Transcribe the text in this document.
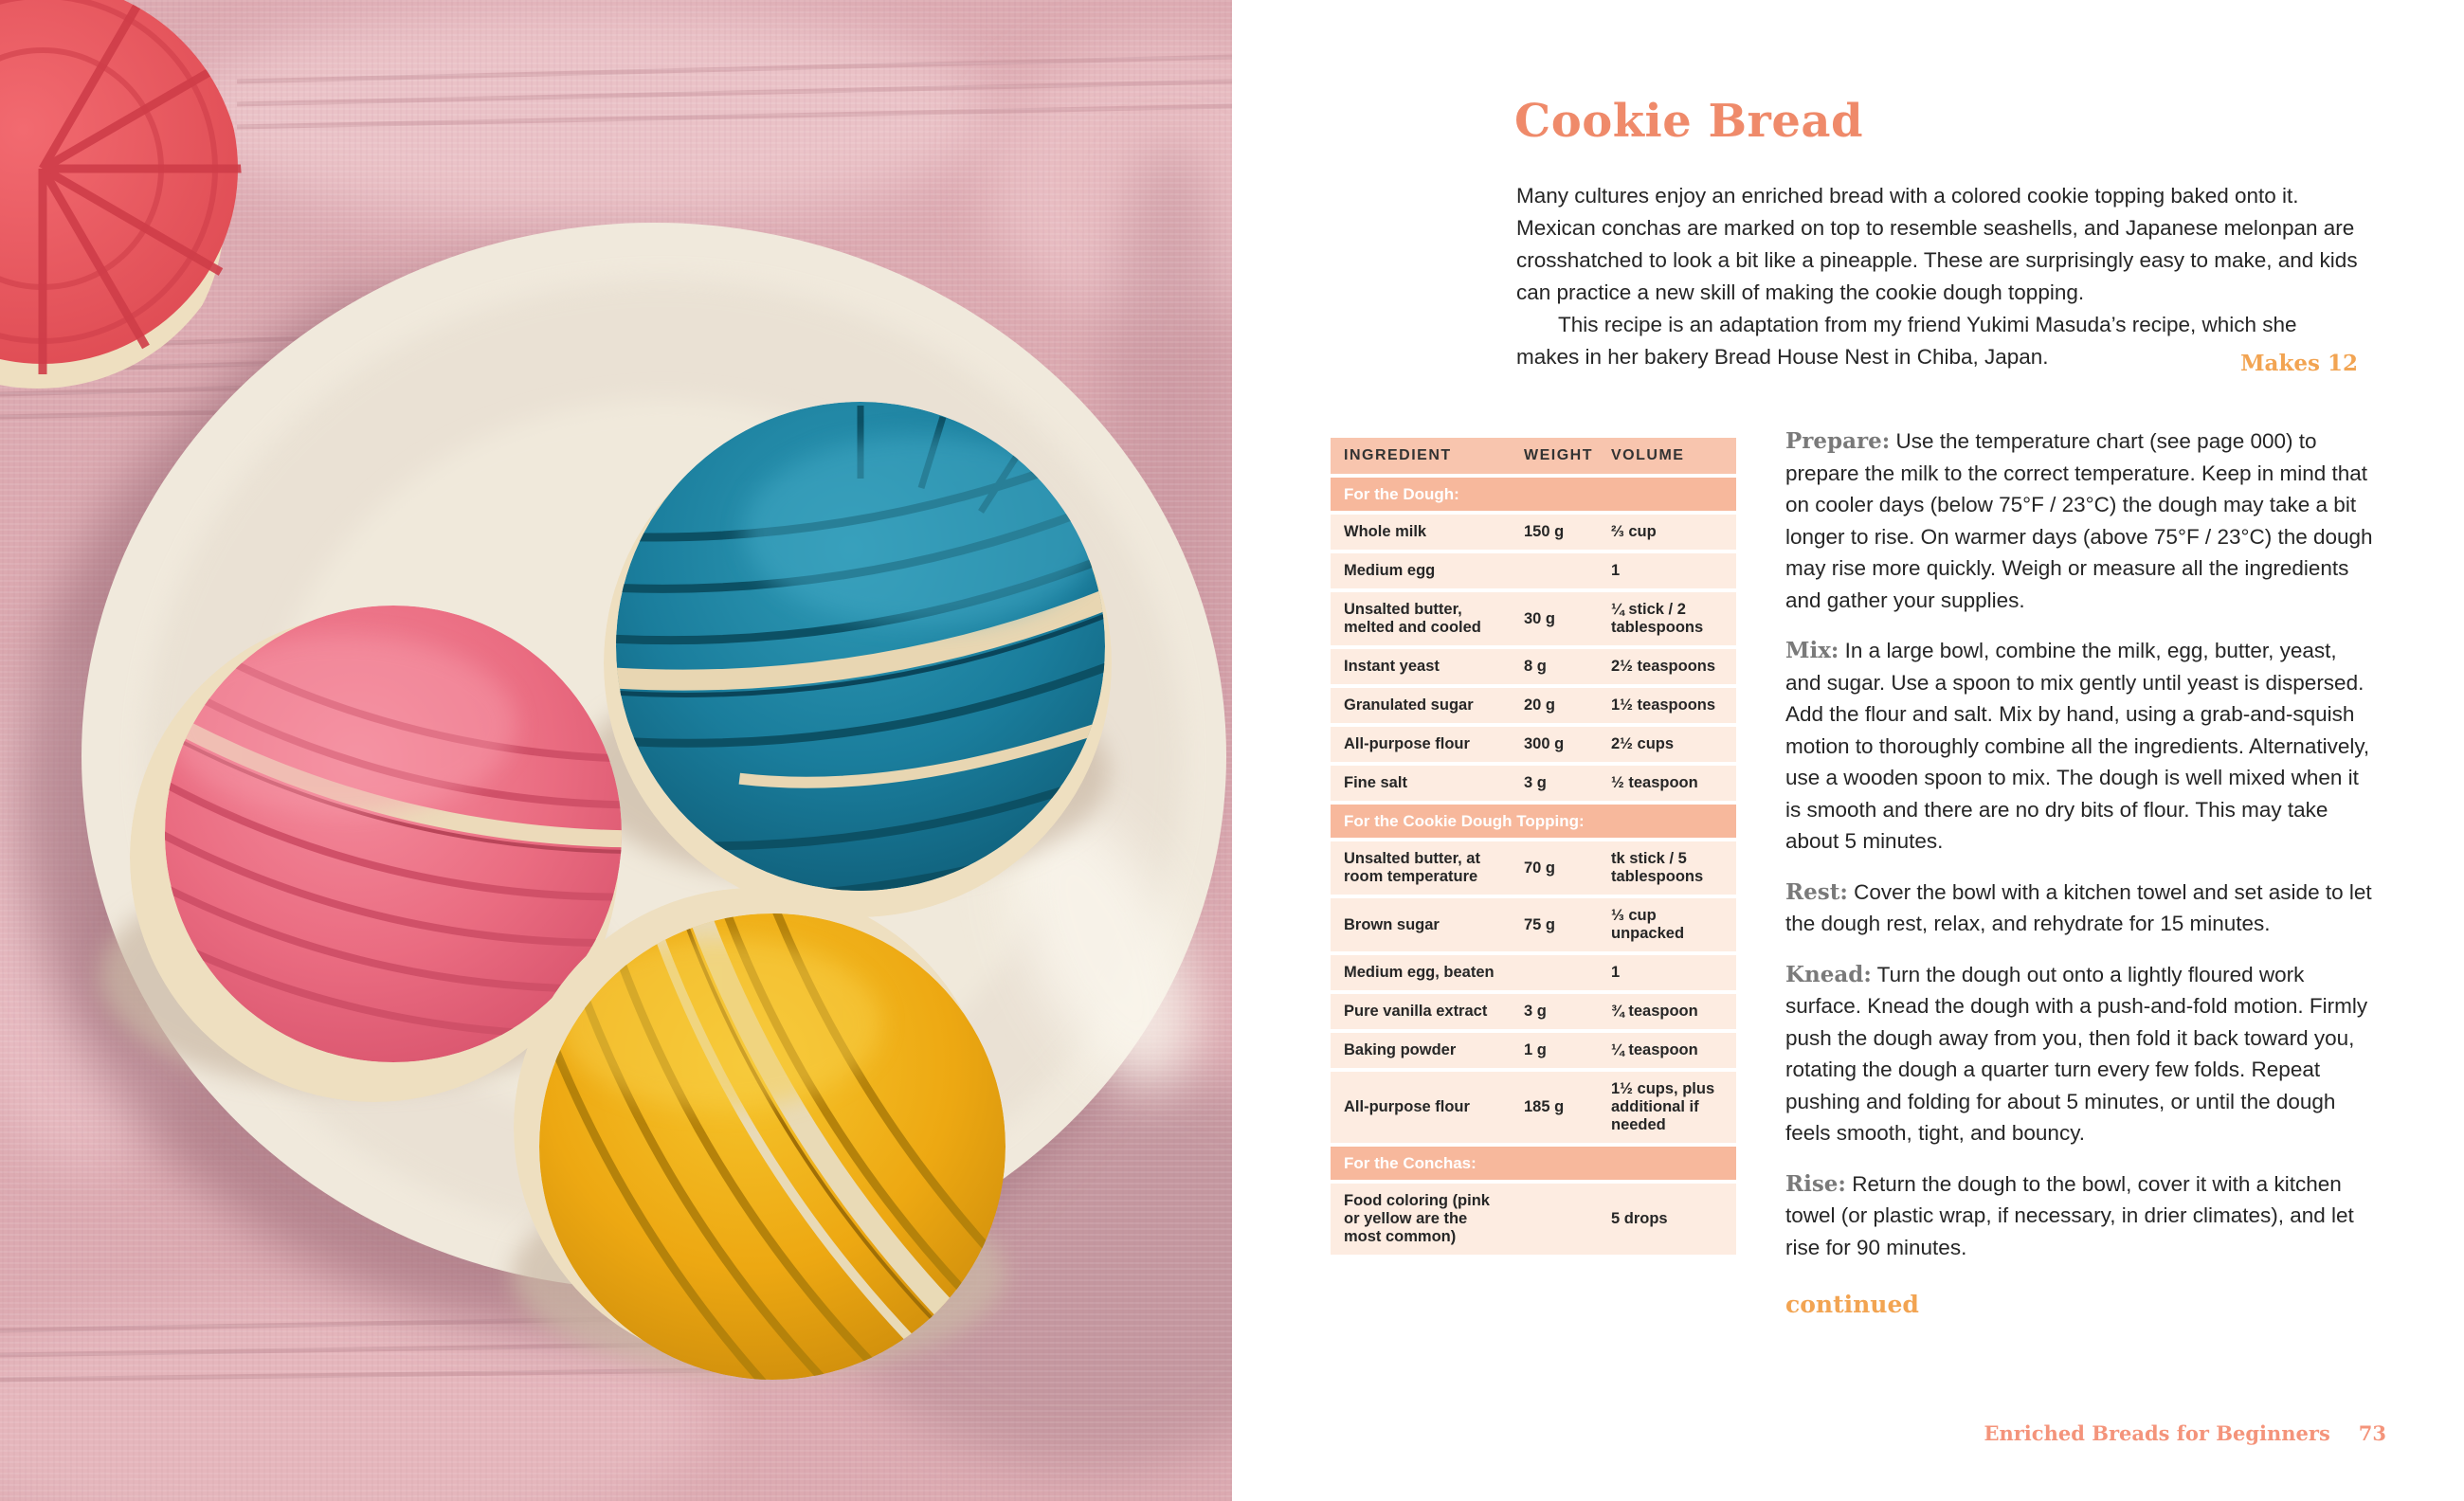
Cookie Bread

Many cultures enjoy an enriched bread with a colored cookie topping baked onto it. Mexican conchas are marked on top to resemble seashells, and Japanese melonpan are crosshatched to look a bit like a pineapple. These are surprisingly easy to make, and kids can practice a new skill of making the cookie dough topping.

This recipe is an adaptation from my friend Yukimi Masuda’s recipe, which she makes in her bakery Bread House Nest in Chiba, Japan.	Makes 12
INGREDIENT	WEIGHT	VOLUME
For the Dough:		
Whole milk	150 g	⅔ cup
Medium egg		1
Unsalted butter, melted and cooled	30 g	¼ stick / 2 tablespoons
Instant yeast	8 g	2½ teaspoons
Granulated sugar	20 g	1½ teaspoons
All-purpose flour	300 g	2½ cups
Fine salt	3 g	½ teaspoon
For the Cookie Dough Topping:		
Unsalted butter, at room temperature	70 g	tk stick / 5 tablespoons
Brown sugar	75 g	⅓ cup unpacked
Medium egg, beaten		1
Pure vanilla extract	3 g	¾ teaspoon
Baking powder	1 g	¼ teaspoon
All-purpose flour	185 g	1½ cups, plus additional if needed
For the Conchas:		
Food coloring (pink or yellow are the most common)		5 drops

Prepare: Use the temperature chart (see page 000) to prepare the milk to the correct temperature. Keep in mind that on cooler days (below 75°F / 23°C) the dough may take a bit longer to rise. On warmer days (above 75°F / 23°C) the dough may rise more quickly. Weigh or measure all the ingredients and gather your supplies.

Mix: In a large bowl, combine the milk, egg, butter, yeast, and sugar. Use a spoon to mix gently until yeast is dispersed. Add the flour and salt. Mix by hand, using a grab-and-squish motion to thoroughly combine all the ingredients. Alternatively, use a wooden spoon to mix. The dough is well mixed when it is smooth and there are no dry bits of flour. This may take about 5 minutes.

Rest: Cover the bowl with a kitchen towel and set aside to let the dough rest, relax, and rehydrate for 15 minutes.

Knead: Turn the dough out onto a lightly floured work surface. Knead the dough with a push-and-fold motion. Firmly push the dough away from you, then fold it back toward you, rotating the dough a quarter turn every few folds. Repeat pushing and folding for about 5 minutes, or until the dough feels smooth, tight, and bouncy.

Rise: Return the dough to the bowl, cover it with a kitchen towel (or plastic wrap, if necessary, in drier climates), and let rise for 90 minutes.

continued
Enriched Breads for Beginners 73
